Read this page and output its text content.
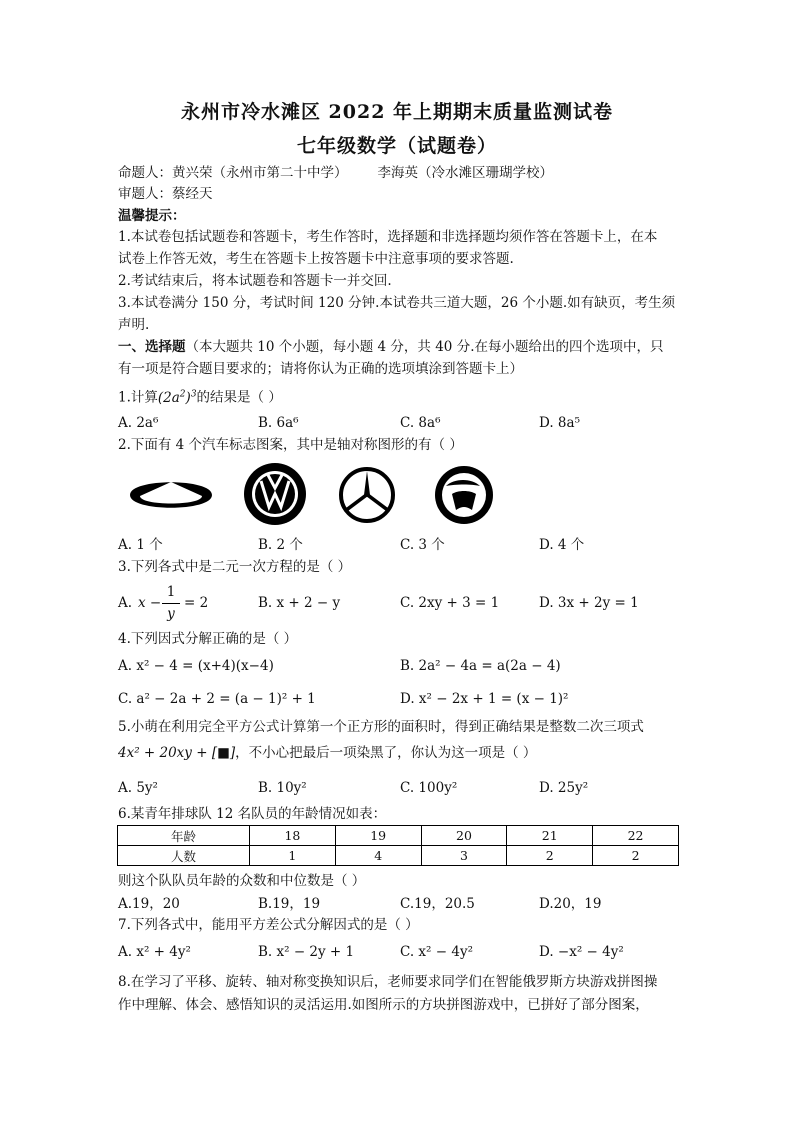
永州市冷水滩区 2022 年上期期末质量监测试卷
七年级数学（试题卷）
命题人：黄兴荣（永州市第二十中学） 李海英（冷水滩区珊瑚学校）
审题人：蔡经天
温馨提示：
1.本试卷包括试题卷和答题卡，考生作答时，选择题和非选择题均须作答在答题卡上，在本
试卷上作答无效，考生在答题卡上按答题卡中注意事项的要求答题.
2.考试结束后，将本试题卷和答题卡一并交回.
3.本试卷满分 150 分，考试时间 120 分钟.本试卷共三道大题，26 个小题.如有缺页，考生须
声明.
一、选择题（本大题共 10 个小题，每小题 4 分，共 40 分.在每小题给出的四个选项中，只
有一项是符合题目要求的；请将你认为正确的选项填涂到答题卡上）
1.计算$(2a^2)^3$的结果是（ ）
A. 2a⁶	B. 6a⁶	C. 8a⁶	D. 8a⁵
2.下面有 4 个汽车标志图案，其中是轴对称图形的有（ ）
A. 1 个	B. 2 个	C. 3 个	D. 4 个
3.下列各式中是二元一次方程的是（ ）
A. x −
1
y
= 2	B. x + 2 − y	C. 2xy + 3 = 1	D. 3x + 2y = 1
4.下列因式分解正确的是（ ）
A. x² − 4 = (x+4)(x−4)	B. 2a² − 4a = a(2a − 4)
C. a² − 2a + 2 = (a − 1)² + 1	D. x² − 2x + 1 = (x − 1)²
5.小萌在利用完全平方公式计算第一个正方形的面积时，得到正确结果是整数二次三项式
4x² + 20xy + [■]，不小心把最后一项染黑了，你认为这一项是（ ）
A. 5y²	B. 10y²	C. 100y²	D. 25y²
6.某青年排球队 12 名队员的年龄情况如表：
年龄	18	19	20	21	22
人数	1	4	3	2	2
则这个队队员年龄的众数和中位数是（ ）
A.19，20	B.19，19	C.19，20.5	D.20，19
7.下列各式中，能用平方差公式分解因式的是（ ）
A. x² + 4y²	B. x² − 2y + 1	C. x² − 4y²	D. −x² − 4y²
8.在学习了平移、旋转、轴对称变换知识后，老师要求同学们在智能俄罗斯方块游戏拼图操
作中理解、体会、感悟知识的灵活运用.如图所示的方块拼图游戏中，已拼好了部分图案，
